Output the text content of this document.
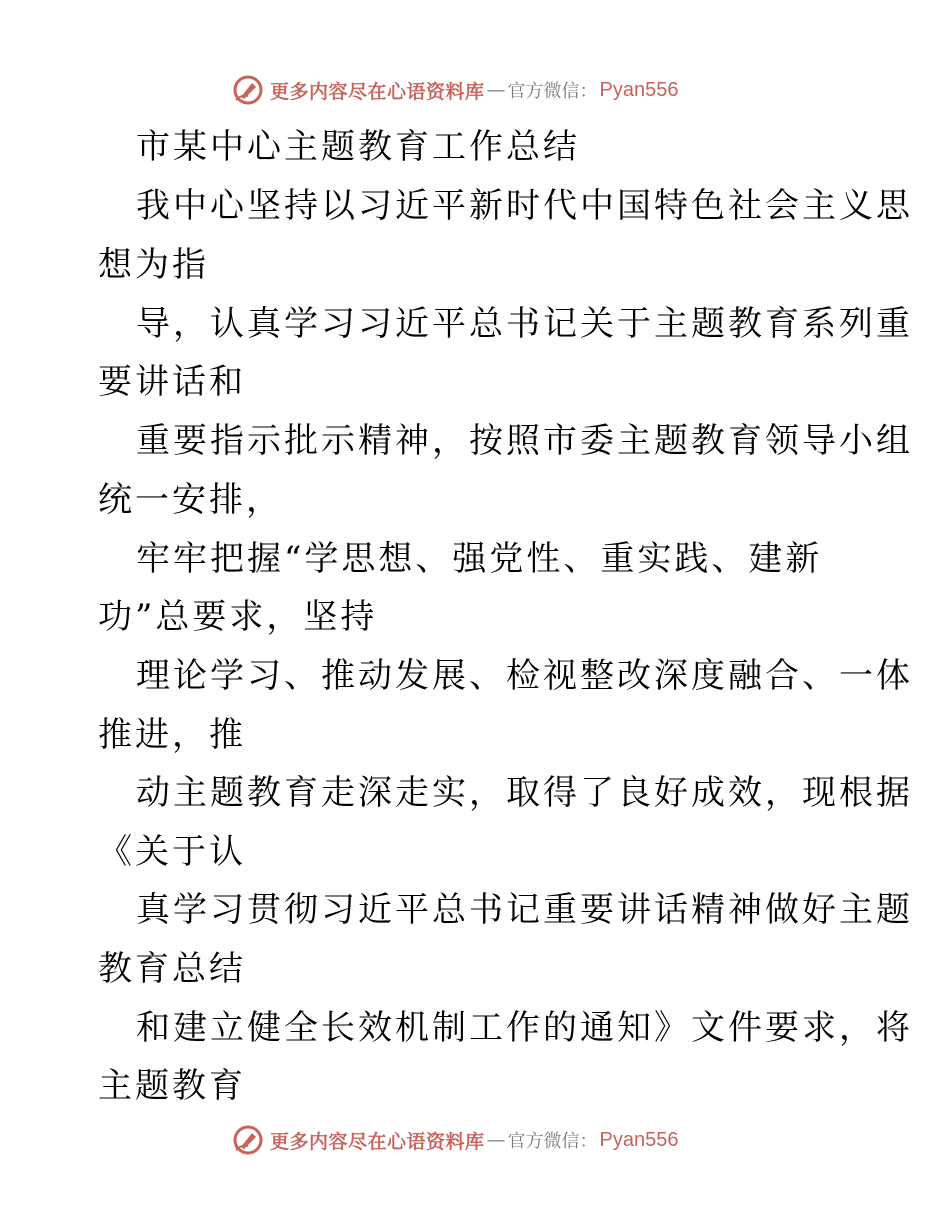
更多内容尽在心语资料库 — 官方微信： Pyan556
市某中心主题教育工作总结
我中心坚持以习近平新时代中国特色社会主义思
想为指
导，认真学习习近平总书记关于主题教育系列重
要讲话和
重要指示批示精神，按照市委主题教育领导小组
统一安排，
牢牢把握“学思想、强党性、重实践、建新
功”总要求，坚持
理论学习、推动发展、检视整改深度融合、一体
推进，推
动主题教育走深走实，取得了良好成效，现根据
《关于认
真学习贯彻习近平总书记重要讲话精神做好主题
教育总结
和建立健全长效机制工作的通知》文件要求，将
主题教育
更多内容尽在心语资料库 — 官方微信： Pyan556
